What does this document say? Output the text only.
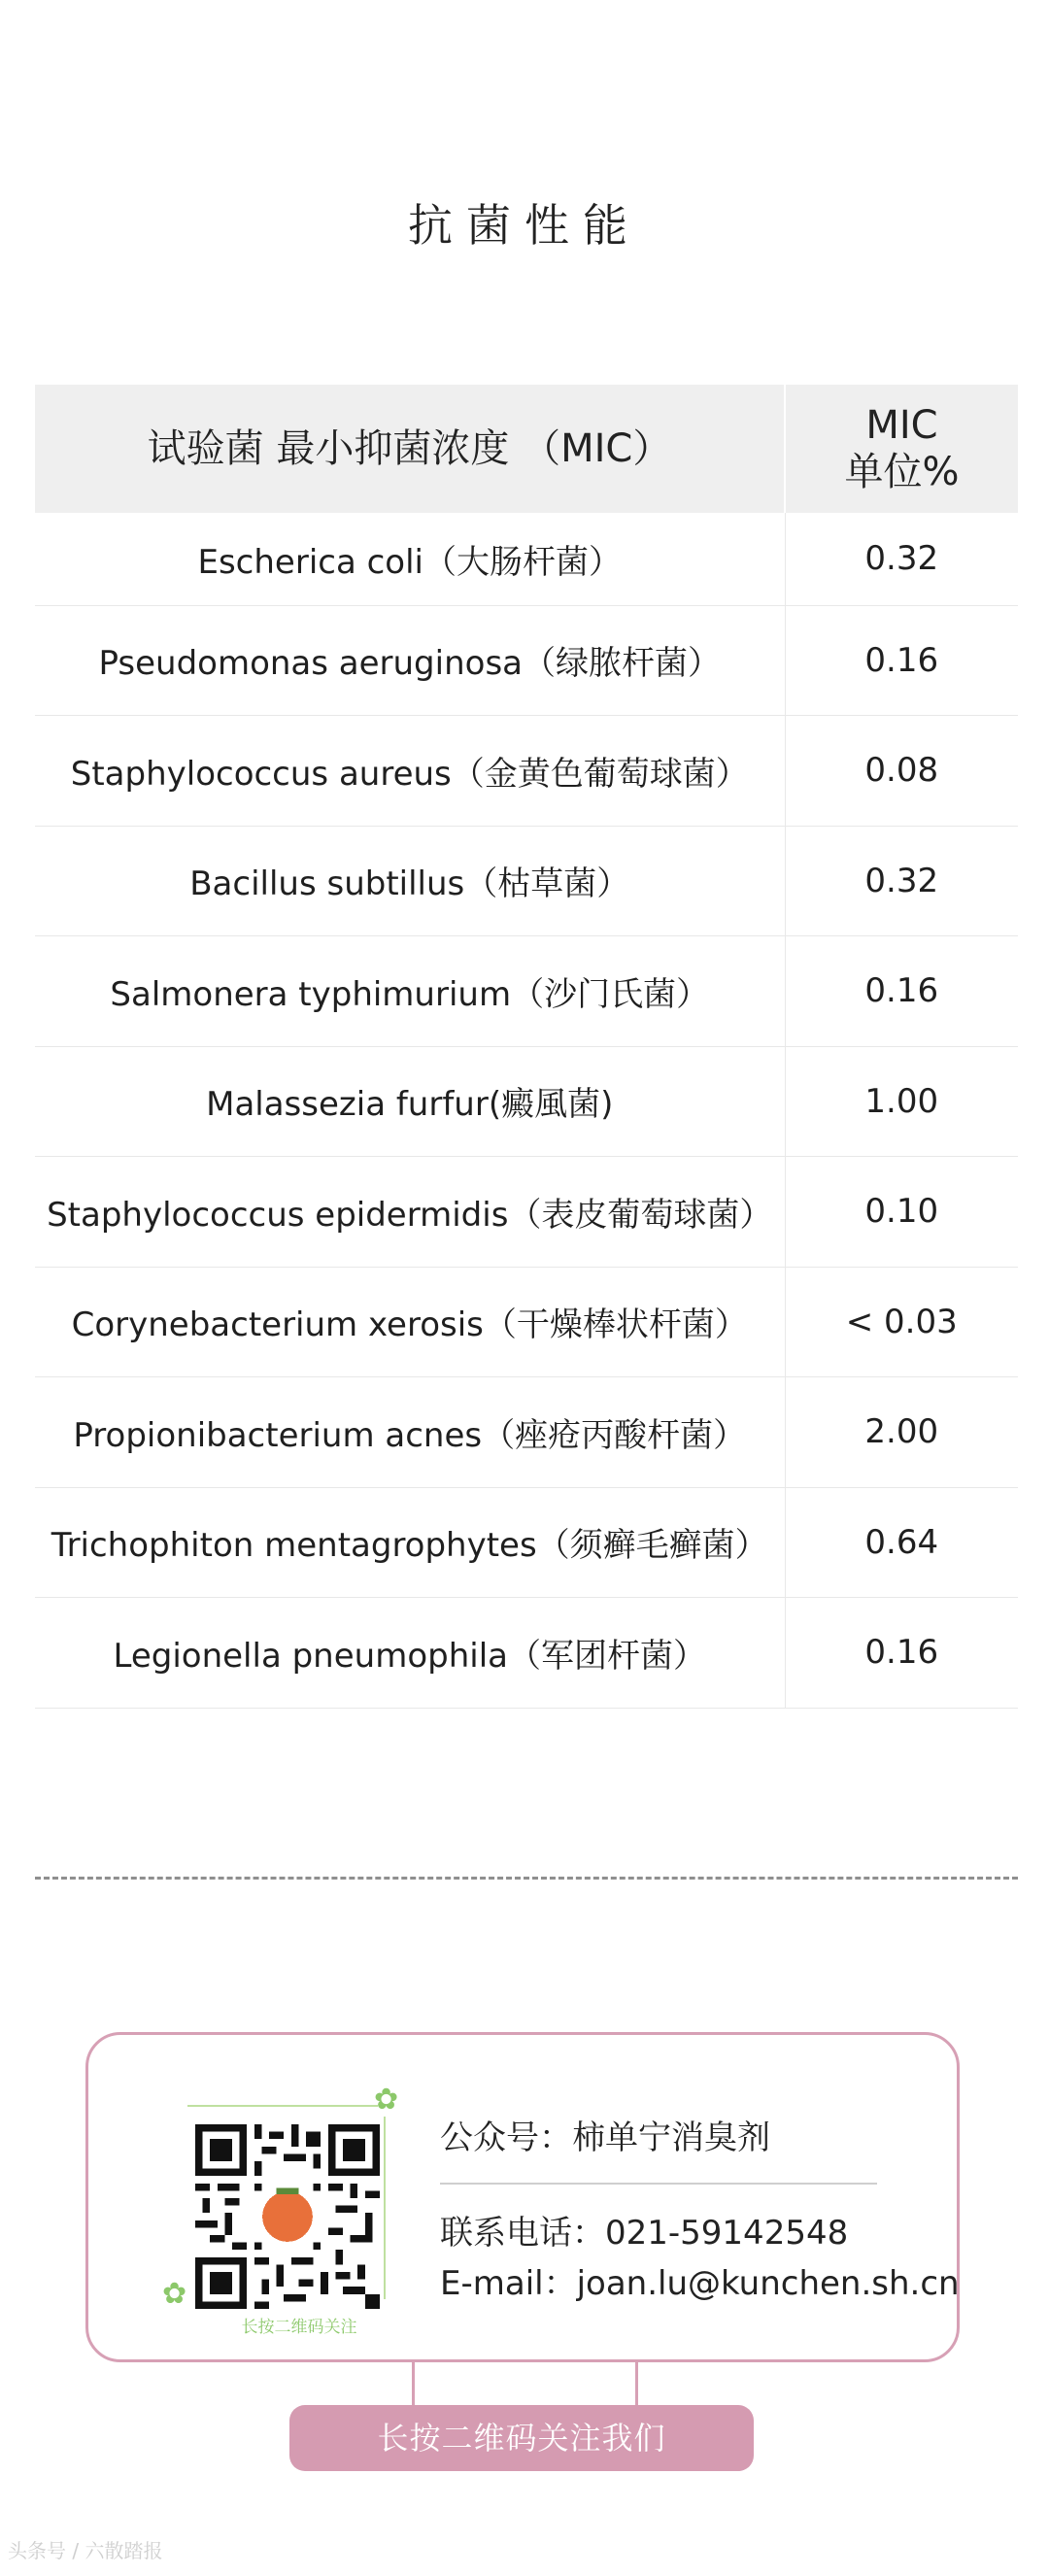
抗菌性能
试验菌 最小抑菌浓度 （MIC）	MIC
单位%

Escherica coli（大肠杆菌）	0.32
Pseudomonas aeruginosa（绿脓杆菌）	0.16
Staphylococcus aureus（金黄色葡萄球菌）	0.08
Bacillus subtillus（枯草菌）	0.32
Salmonera typhimurium（沙门氏菌）	0.16
Malassezia furfur(癜風菌)	1.00
Staphylococcus epidermidis（表皮葡萄球菌）	0.10
Corynebacterium xerosis（干燥棒状杆菌）	< 0.03
Propionibacterium acnes（痤疮丙酸杆菌）	2.00
Trichophiton mentagrophytes（须癣毛癣菌）	0.64
Legionella pneumophila（军团杆菌）	0.16
✿
✿
长按二维码关注
公众号：柿单宁消臭剂
联系电话：021-59142548
E-mail：joan.lu@kunchen.sh.cn
长按二维码关注我们
头条号 / 六散踏报
